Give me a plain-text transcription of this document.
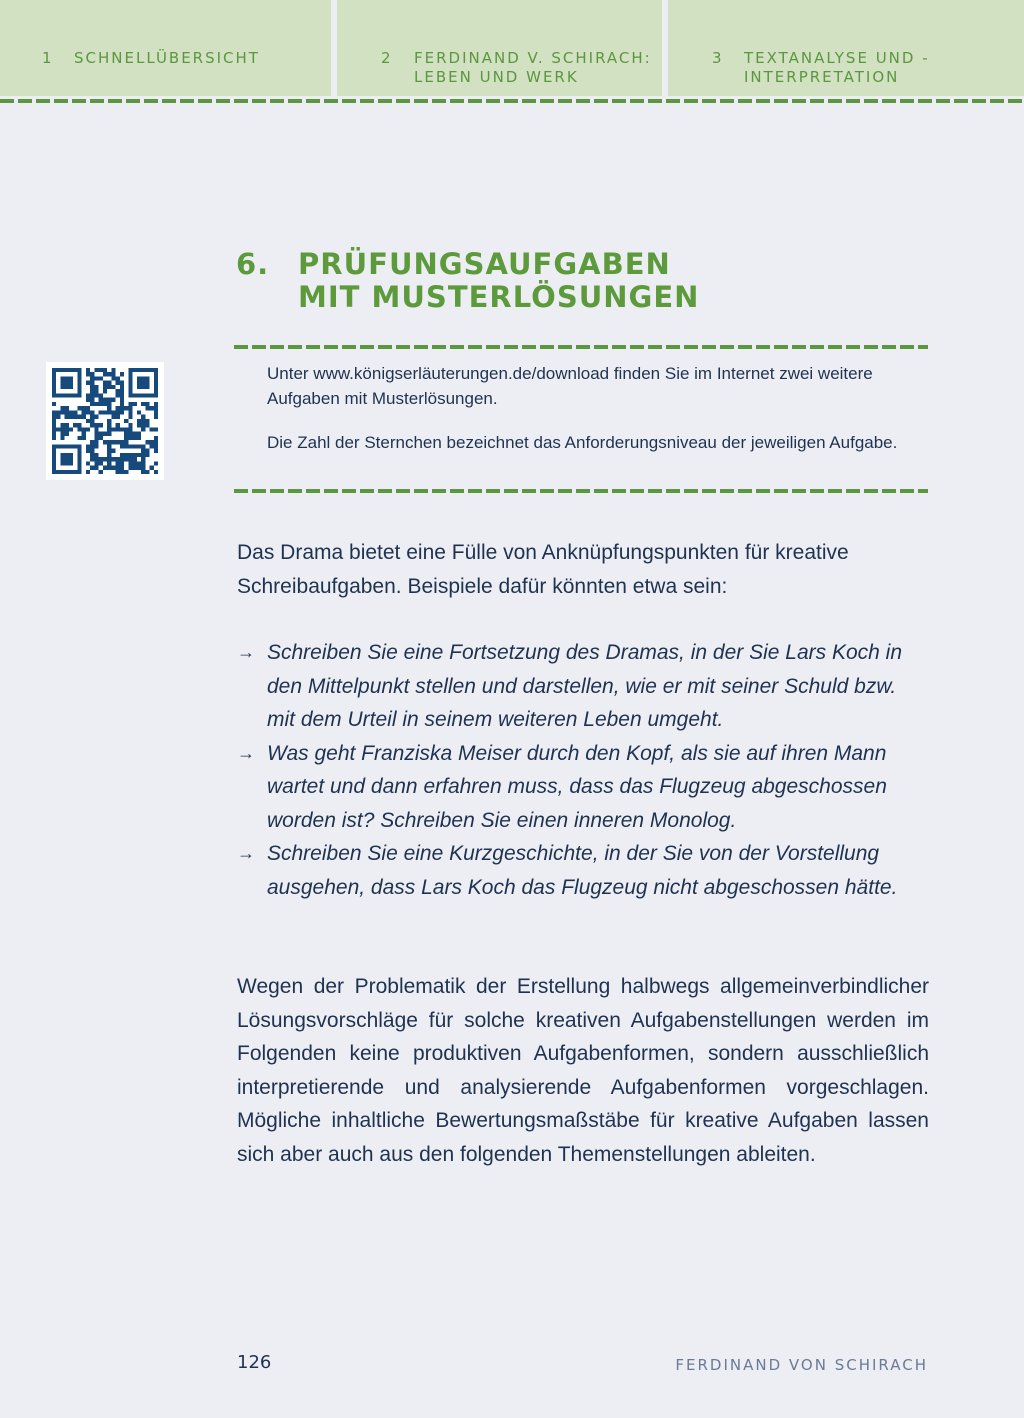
1 SCHNELLÜBERSICHT	2 FERDINAND V. SCHIRACH: LEBEN UND WERK
3 TEXTANALYSE UND -INTERPRETATION
6. PRÜFUNGSAUFGABEN
MIT MUSTERLÖSUNGEN

Unter www.königserläuterungen.de/download finden Sie im Internet zwei weitere Aufgaben mit Musterlösungen.

Die Zahl der Sternchen bezeichnet das Anforderungsniveau der jeweiligen Aufgabe.

Das Drama bietet eine Fülle von Anknüpfungspunkten für kreative Schreibaufgaben. Beispiele dafür könnten etwa sein:

→ Schreiben Sie eine Fortsetzung des Dramas, in der Sie Lars Koch in den Mittelpunkt stellen und darstellen, wie er mit seiner Schuld bzw. mit dem Urteil in seinem weiteren Leben umgeht.
→ Was geht Franziska Meiser durch den Kopf, als sie auf ihren Mann wartet und dann erfahren muss, dass das Flugzeug abgeschossen worden ist? Schreiben Sie einen inneren Monolog.
→ Schreiben Sie eine Kurzgeschichte, in der Sie von der Vorstellung ausgehen, dass Lars Koch das Flugzeug nicht abgeschossen hätte.

Wegen der Problematik der Erstellung halbwegs allgemeinverbindlicher Lösungsvorschläge für solche kreativen Aufgabenstellungen werden im Folgenden keine produktiven Aufgabenformen, sondern ausschließlich interpretierende und analysierende Aufgabenformen vorgeschlagen. Mögliche inhaltliche Bewertungsmaßstäbe für kreative Aufgaben lassen sich aber auch aus den folgenden Themenstellungen ableiten.

126	FERDINAND VON SCHIRACH
